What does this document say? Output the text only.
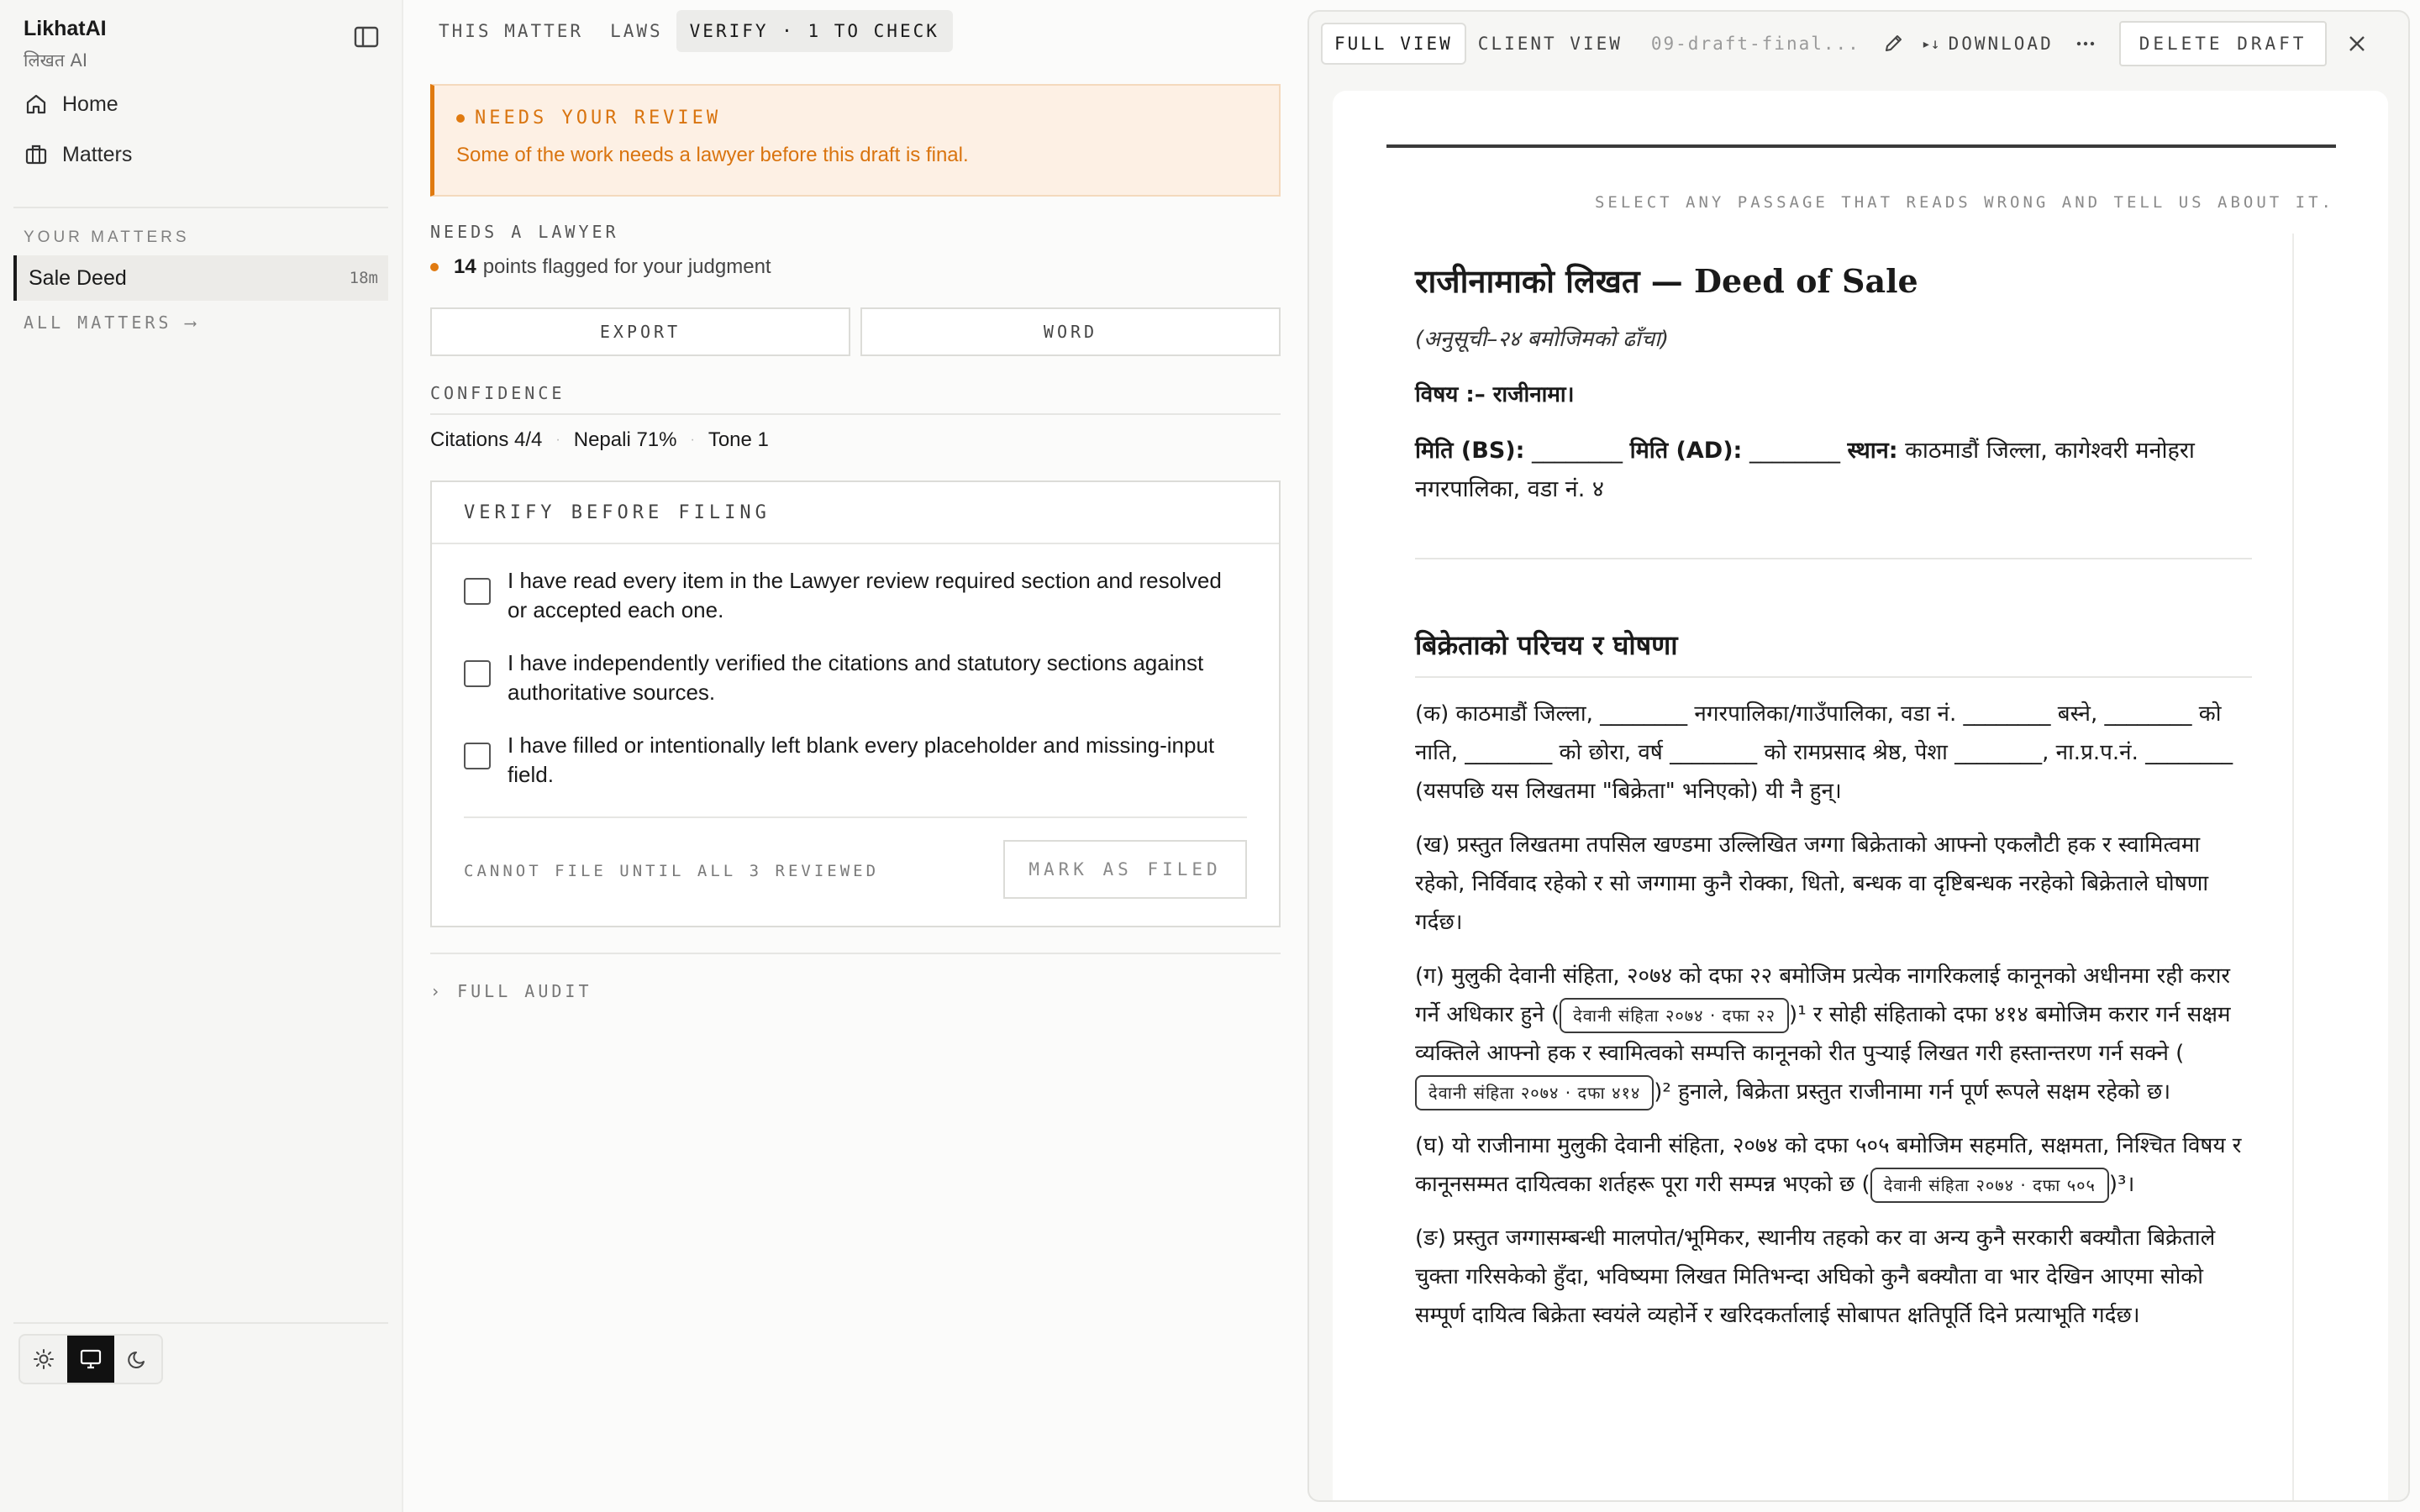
LikhatAI
लिखत AI
Home
Matters
YOUR MATTERS
Sale Deed	18m
ALL MATTERS ⟶
THIS MATTER	LAWS	VERIFY · 1 TO CHECK
NEEDS YOUR REVIEW
Some of the work needs a lawyer before this draft is final.
NEEDS A LAWYER
14 points flagged for your judgment
EXPORT	WORD
CONFIDENCE
Citations 4/4 · Nepali 71% · Tone 1
VERIFY BEFORE FILING
I have read every item in the Lawyer review required section and resolved or accepted each one.
I have independently verified the citations and statutory sections against authoritative sources.
I have filled or intentionally left blank every placeholder and missing-input field.
CANNOT FILE UNTIL ALL 3 REVIEWED	MARK AS FILED
› FULL AUDIT
FULL VIEW	CLIENT VIEW	09-draft-final...	▸↓ DOWNLOAD	DELETE DRAFT
SELECT ANY PASSAGE THAT READS WRONG AND TELL US ABOUT IT.
राजीनामाको लिखत — Deed of Sale
(अनुसूची–२४ बमोजिमको ढाँचा)
विषय :– राजीनामा।
मिति (BS): ________ मिति (AD): ________ स्थान: काठमाडौं जिल्ला, कागेश्वरी मनोहरा नगरपालिका, वडा नं. ४
बिक्रेताको परिचय र घोषणा

(क) काठमाडौं जिल्ला, ________ नगरपालिका/गाउँपालिका, वडा नं. ________ बस्ने, ________ को नाति, ________ को छोरा, वर्ष ________ को रामप्रसाद श्रेष्ठ, पेशा ________, ना.प्र.प.नं. ________ (यसपछि यस लिखतमा "बिक्रेता" भनिएको) यी नै हुन्।

(ख) प्रस्तुत लिखतमा तपसिल खण्डमा उल्लिखित जग्गा बिक्रेताको आफ्नो एकलौटी हक र स्वामित्वमा रहेको, निर्विवाद रहेको र सो जग्गामा कुनै रोक्का, धितो, बन्धक वा दृष्टिबन्धक नरहेको बिक्रेताले घोषणा गर्दछ।

(ग) मुलुकी देवानी संहिता, २०७४ को दफा २२ बमोजिम प्रत्येक नागरिकलाई कानूनको अधीनमा रही करार गर्ने अधिकार हुने ( देवानी संहिता २०७४ · दफा २२ )¹ र सोही संहिताको दफा ४१४ बमोजिम करार गर्न सक्षम व्यक्तिले आफ्नो हक र स्वामित्वको सम्पत्ति कानूनको रीत पुर्‍याई लिखत गरी हस्तान्तरण गर्न सक्ने (देवानी संहिता २०७४ · दफा ४१४ )² हुनाले, बिक्रेता प्रस्तुत राजीनामा गर्न पूर्ण रूपले सक्षम रहेको छ।

(घ) यो राजीनामा मुलुकी देवानी संहिता, २०७४ को दफा ५०५ बमोजिम सहमति, सक्षमता, निश्चित विषय र कानूनसम्मत दायित्वका शर्तहरू पूरा गरी सम्पन्न भएको छ ( देवानी संहिता २०७४ · दफा ५०५ )³।

(ङ) प्रस्तुत जग्गासम्बन्धी मालपोत/भूमिकर, स्थानीय तहको कर वा अन्य कुनै सरकारी बक्यौता बिक्रेताले चुक्ता गरिसकेको हुँदा, भविष्यमा लिखत मितिभन्दा अघिको कुनै बक्यौता वा भार देखिन आएमा सोको सम्पूर्ण दायित्व बिक्रेता स्वयंले व्यहोर्ने र खरिदकर्तालाई सोबापत क्षतिपूर्ति दिने प्रत्याभूति गर्दछ।
